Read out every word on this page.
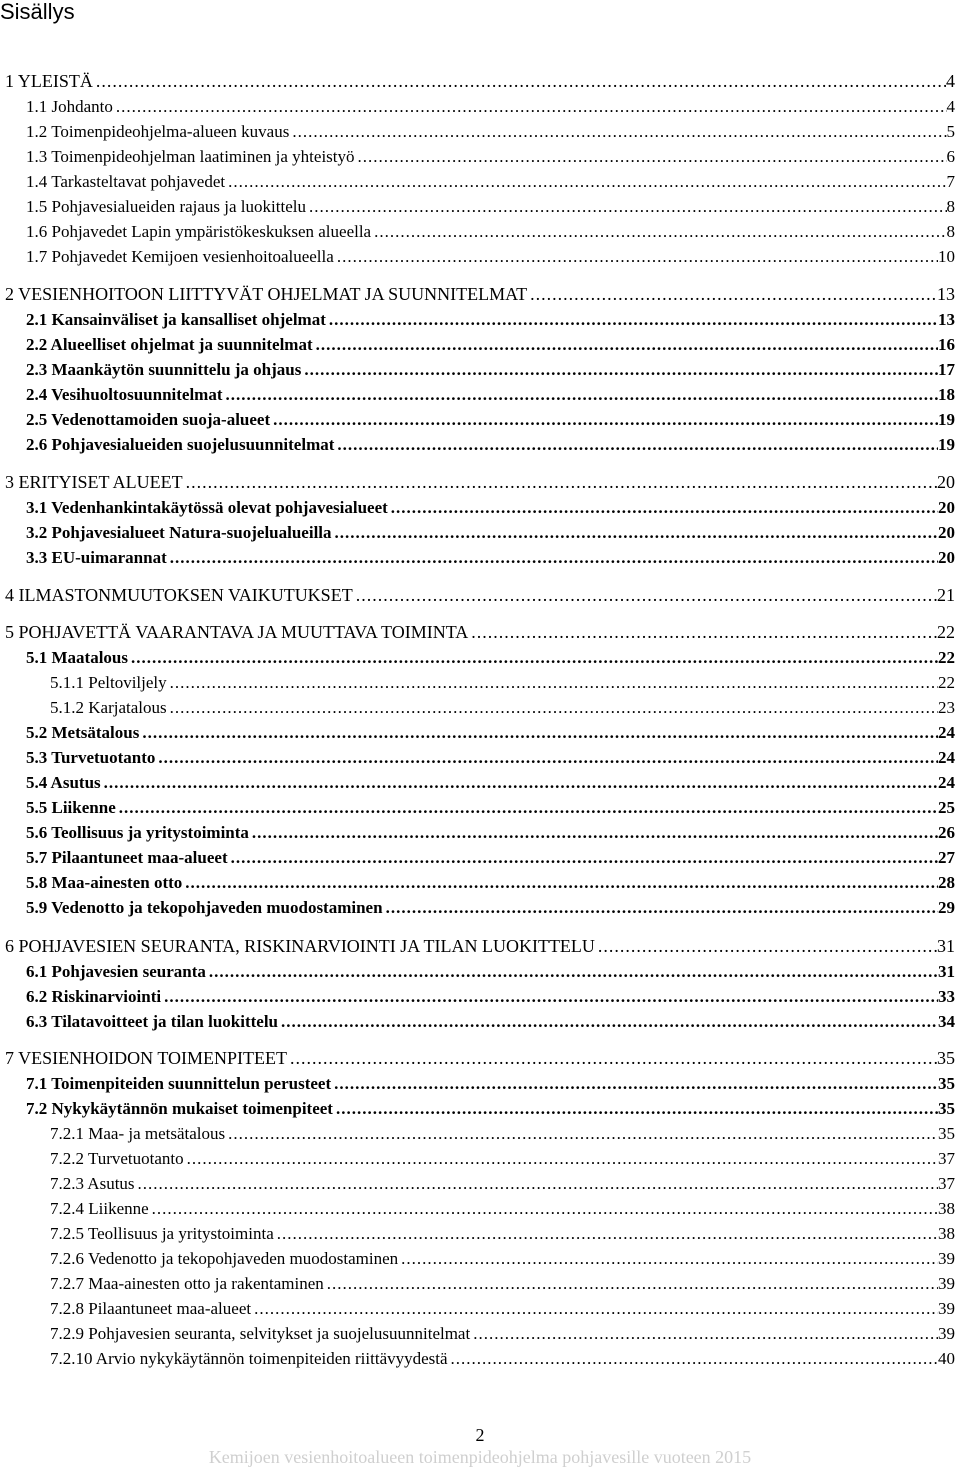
Sisällys
1 YLEISTÄ .....	4
1.1 Johdanto .....	4
1.2 Toimenpideohjelma-alueen kuvaus .....	5
1.3 Toimenpideohjelman laatiminen ja yhteistyö .....	6
1.4 Tarkasteltavat pohjavedet .....	7
1.5 Pohjavesialueiden rajaus ja luokittelu .....	8
1.6 Pohjavedet Lapin ympäristökeskuksen alueella .....	8
1.7 Pohjavedet Kemijoen vesienhoitoalueella .....	10
2 VESIENHOITOON LIITTYVÄT OHJELMAT JA SUUNNITELMAT .....	13
2.1 Kansainväliset ja kansalliset ohjelmat .....	13
2.2 Alueelliset ohjelmat ja suunnitelmat .....	16
2.3 Maankäytön suunnittelu ja ohjaus .....	17
2.4 Vesihuoltosuunnitelmat .....	18
2.5 Vedenottamoiden suoja-alueet .....	19
2.6 Pohjavesialueiden suojelusuunnitelmat .....	19
3 ERITYISET ALUEET .....	20
3.1 Vedenhankintakäytössä olevat pohjavesialueet .....	20
3.2 Pohjavesialueet Natura-suojelualueilla .....	20
3.3 EU-uimarannat .....	20
4 ILMASTONMUUTOKSEN VAIKUTUKSET .....	21
5 POHJAVETTÄ VAARANTAVA JA MUUTTAVA TOIMINTA .....	22
5.1 Maatalous .....	22
5.1.1 Peltoviljely .....	22
5.1.2 Karjatalous .....	23
5.2 Metsätalous .....	24
5.3 Turvetuotanto .....	24
5.4 Asutus .....	24
5.5 Liikenne .....	25
5.6 Teollisuus ja yritystoiminta .....	26
5.7 Pilaantuneet maa-alueet .....	27
5.8 Maa-ainesten otto .....	28
5.9 Vedenotto ja tekopohjaveden muodostaminen .....	29
6 POHJAVESIEN SEURANTA, RISKINARVIOINTI JA TILAN LUOKITTELU .....	31
6.1 Pohjavesien seuranta .....	31
6.2 Riskinarviointi .....	33
6.3 Tilatavoitteet ja tilan luokittelu .....	34
7 VESIENHOIDON TOIMENPITEET .....	35
7.1 Toimenpiteiden suunnittelun perusteet .....	35
7.2 Nykykäytännön mukaiset toimenpiteet .....	35
7.2.1 Maa- ja metsätalous .....	35
7.2.2 Turvetuotanto .....	37
7.2.3 Asutus .....	37
7.2.4 Liikenne .....	38
7.2.5 Teollisuus ja yritystoiminta .....	38
7.2.6 Vedenotto ja tekopohjaveden muodostaminen .....	39
7.2.7 Maa-ainesten otto ja rakentaminen .....	39
7.2.8 Pilaantuneet maa-alueet .....	39
7.2.9 Pohjavesien seuranta, selvitykset ja suojelusuunnitelmat .....	39
7.2.10 Arvio nykykäytännön toimenpiteiden riittävyydestä .....	40
2
Kemijoen vesienhoitoalueen toimenpideohjelma pohjavesille vuoteen 2015
